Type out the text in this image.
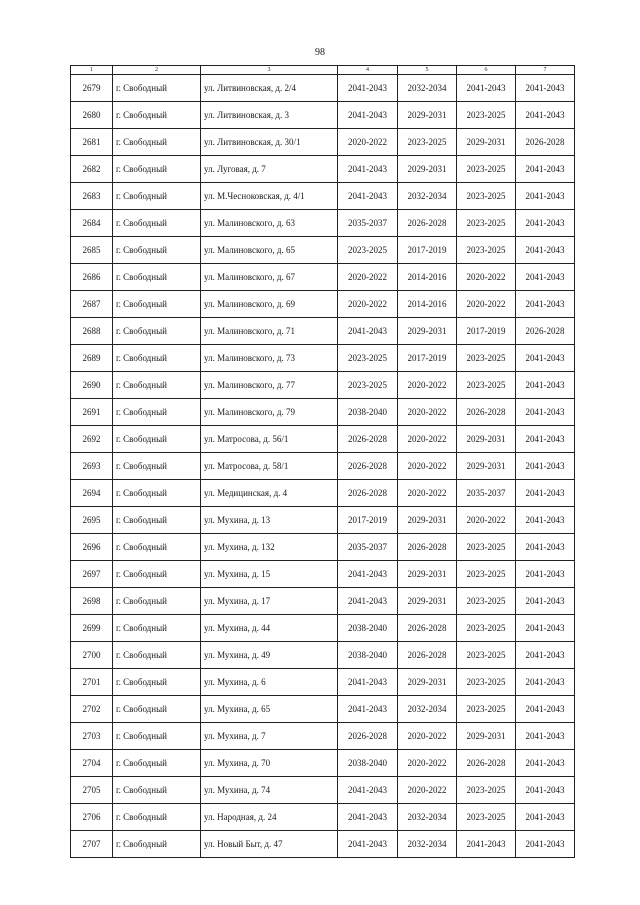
98
1	2	3	4	5	6	7
2679	г. Свободный	ул. Литвиновская, д. 2/4	2041-2043	2032-2034	2041-2043	2041-2043
2680	г. Свободный	ул. Литвиновская, д. 3	2041-2043	2029-2031	2023-2025	2041-2043
2681	г. Свободный	ул. Литвиновская, д. 30/1	2020-2022	2023-2025	2029-2031	2026-2028
2682	г. Свободный	ул. Луговая, д. 7	2041-2043	2029-2031	2023-2025	2041-2043
2683	г. Свободный	ул. М.Чесноковская, д. 4/1	2041-2043	2032-2034	2023-2025	2041-2043
2684	г. Свободный	ул. Малиновского, д. 63	2035-2037	2026-2028	2023-2025	2041-2043
2685	г. Свободный	ул. Малиновского, д. 65	2023-2025	2017-2019	2023-2025	2041-2043
2686	г. Свободный	ул. Малиновского, д. 67	2020-2022	2014-2016	2020-2022	2041-2043
2687	г. Свободный	ул. Малиновского, д. 69	2020-2022	2014-2016	2020-2022	2041-2043
2688	г. Свободный	ул. Малиновского, д. 71	2041-2043	2029-2031	2017-2019	2026-2028
2689	г. Свободный	ул. Малиновского, д. 73	2023-2025	2017-2019	2023-2025	2041-2043
2690	г. Свободный	ул. Малиновского, д. 77	2023-2025	2020-2022	2023-2025	2041-2043
2691	г. Свободный	ул. Малиновского, д. 79	2038-2040	2020-2022	2026-2028	2041-2043
2692	г. Свободный	ул. Матросова, д. 56/1	2026-2028	2020-2022	2029-2031	2041-2043
2693	г. Свободный	ул. Матросова, д. 58/1	2026-2028	2020-2022	2029-2031	2041-2043
2694	г. Свободный	ул. Медицинская, д. 4	2026-2028	2020-2022	2035-2037	2041-2043
2695	г. Свободный	ул. Мухина, д. 13	2017-2019	2029-2031	2020-2022	2041-2043
2696	г. Свободный	ул. Мухина, д. 132	2035-2037	2026-2028	2023-2025	2041-2043
2697	г. Свободный	ул. Мухина, д. 15	2041-2043	2029-2031	2023-2025	2041-2043
2698	г. Свободный	ул. Мухина, д. 17	2041-2043	2029-2031	2023-2025	2041-2043
2699	г. Свободный	ул. Мухина, д. 44	2038-2040	2026-2028	2023-2025	2041-2043
2700	г. Свободный	ул. Мухина, д. 49	2038-2040	2026-2028	2023-2025	2041-2043
2701	г. Свободный	ул. Мухина, д. 6	2041-2043	2029-2031	2023-2025	2041-2043
2702	г. Свободный	ул. Мухина, д. 65	2041-2043	2032-2034	2023-2025	2041-2043
2703	г. Свободный	ул. Мухина, д. 7	2026-2028	2020-2022	2029-2031	2041-2043
2704	г. Свободный	ул. Мухина, д. 70	2038-2040	2020-2022	2026-2028	2041-2043
2705	г. Свободный	ул. Мухина, д. 74	2041-2043	2020-2022	2023-2025	2041-2043
2706	г. Свободный	ул. Народная, д. 24	2041-2043	2032-2034	2023-2025	2041-2043
2707	г. Свободный	ул. Новый Быт, д. 47	2041-2043	2032-2034	2041-2043	2041-2043
